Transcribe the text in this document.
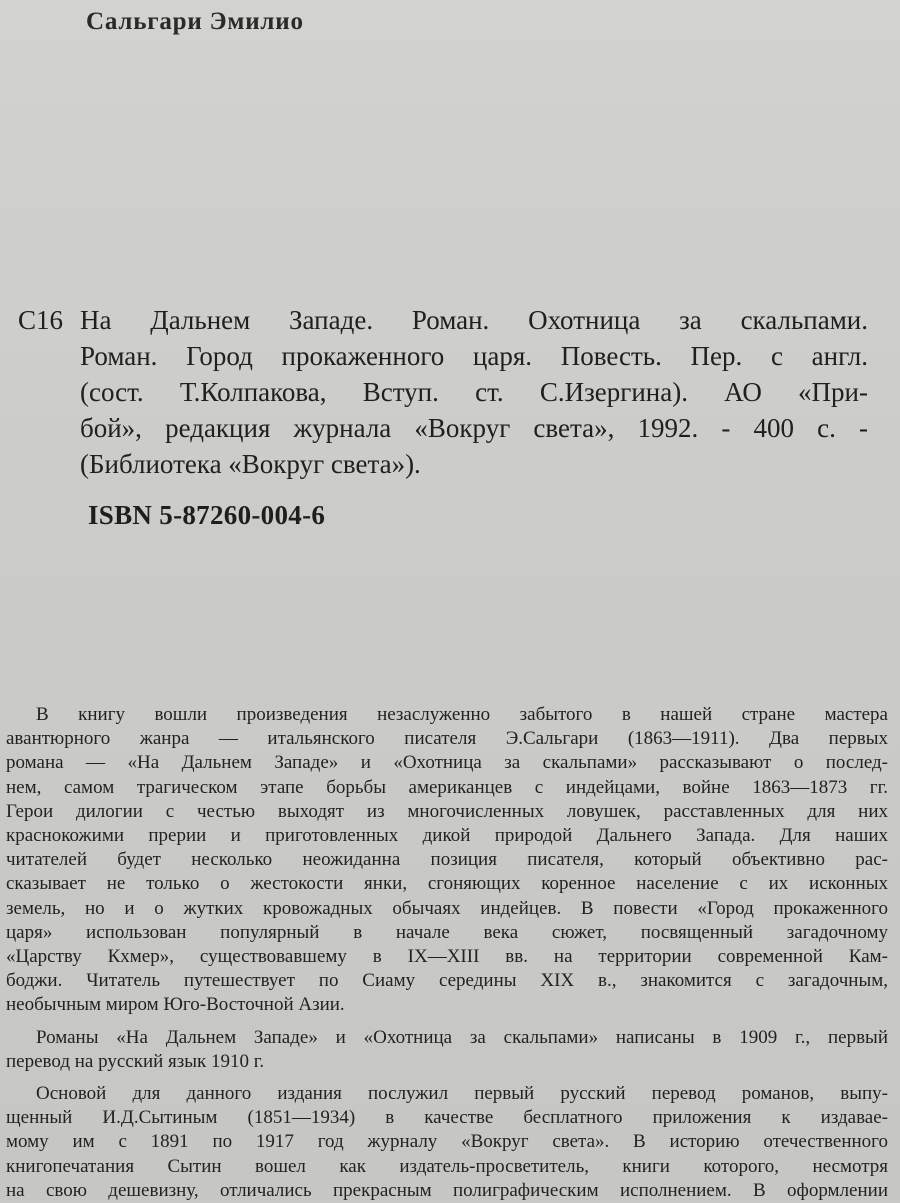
Сальгари Эмилио
С16 На Дальнем Западе. Роман. Охотница за скальпами.
Роман. Город прокаженного царя. Повесть. Пер. с англ.
(сост. Т.Колпакова, Вступ. ст. С.Изергина). АО «При-
бой», редакция журнала «Вокруг света», 1992. - 400 с. -
(Библиотека «Вокруг света»).
ISBN 5-87260-004-6
В книгу вошли произведения незаслуженно забытого в нашей стране мастера
авантюрного жанра — итальянского писателя Э.Сальгари (1863—1911). Два первых
романа — «На Дальнем Западе» и «Охотница за скальпами» рассказывают о послед-
нем, самом трагическом этапе борьбы американцев с индейцами, войне 1863—1873 гг.
Герои дилогии с честью выходят из многочисленных ловушек, расставленных для них
краснокожими прерии и приготовленных дикой природой Дальнего Запада. Для наших
читателей будет несколько неожиданна позиция писателя, который объективно рас-
сказывает не только о жестокости янки, сгоняющих коренное население с их исконных
земель, но и о жутких кровожадных обычаях индейцев. В повести «Город прокаженного
царя» использован популярный в начале века сюжет, посвященный загадочному
«Царству Кхмер», существовавшему в IX—XIII вв. на территории современной Кам-
боджи. Читатель путешествует по Сиаму середины XIX в., знакомится с загадочным,
необычным миром Юго-Восточной Азии.
Романы «На Дальнем Западе» и «Охотница за скальпами» написаны в 1909 г., первый
перевод на русский язык 1910 г.
Основой для данного издания послужил первый русский перевод романов, выпу-
щенный И.Д.Сытиным (1851—1934) в качестве бесплатного приложения к издавае-
мому им с 1891 по 1917 год журналу «Вокруг света». В историю отечественного
книгопечатания Сытин вошел как издатель-просветитель, книги которого, несмотря
на свою дешевизну, отличались прекрасным полиграфическим исполнением. В оформлении
